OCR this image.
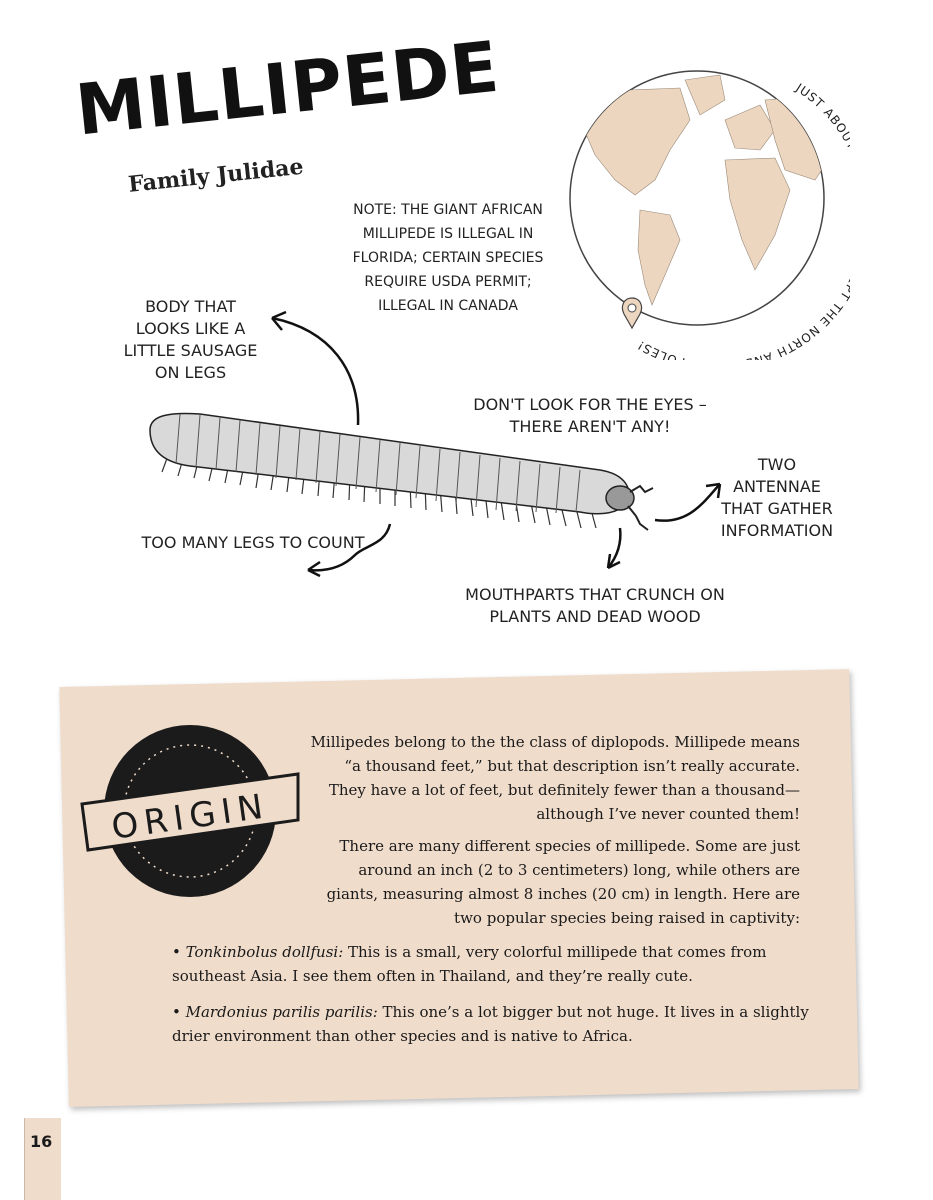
MILLIPEDE
Family Julidae
NOTE: THE GIANT AFRICAN MILLIPEDE IS ILLEGAL IN FLORIDA; CERTAIN SPECIES REQUIRE USDA PERMIT; ILLEGAL IN CANADA
JUST ABO THE NORTH A OLES!
BODY THAT LOOKS LIKE A LITTLE SAUSAGE ON LEGS
DON'T LOOK FOR THE EYES – THERE AREN'T ANY!
TWO ANTENNAE THAT GATHER INFORMATION
TOO MANY LEGS TO COUNT
MOUTHPARTS THAT CRUNCH ON PLANTS AND DEAD WOOD
ORIGIN
Millipedes belong to the the class of diplopods. Millipede means
“a thousand feet,” but that description isn’t really accurate.
They have a lot of feet, but definitely fewer than a thousand—
although I’ve never counted them!
There are many different species of millipede. Some are just
around an inch (2 to 3 centimeters) long, while others are
giants, measuring almost 8 inches (20 cm) in length. Here are
two popular species being raised in captivity:
• Tonkinbolus dollfusi: This is a small, very colorful millipede that comes from southeast Asia. I see them often in Thailand, and they’re really cute.
• Mardonius parilis parilis: This one’s a lot bigger but not huge. It lives in a slightly drier environment than other species and is native to Africa.
16
